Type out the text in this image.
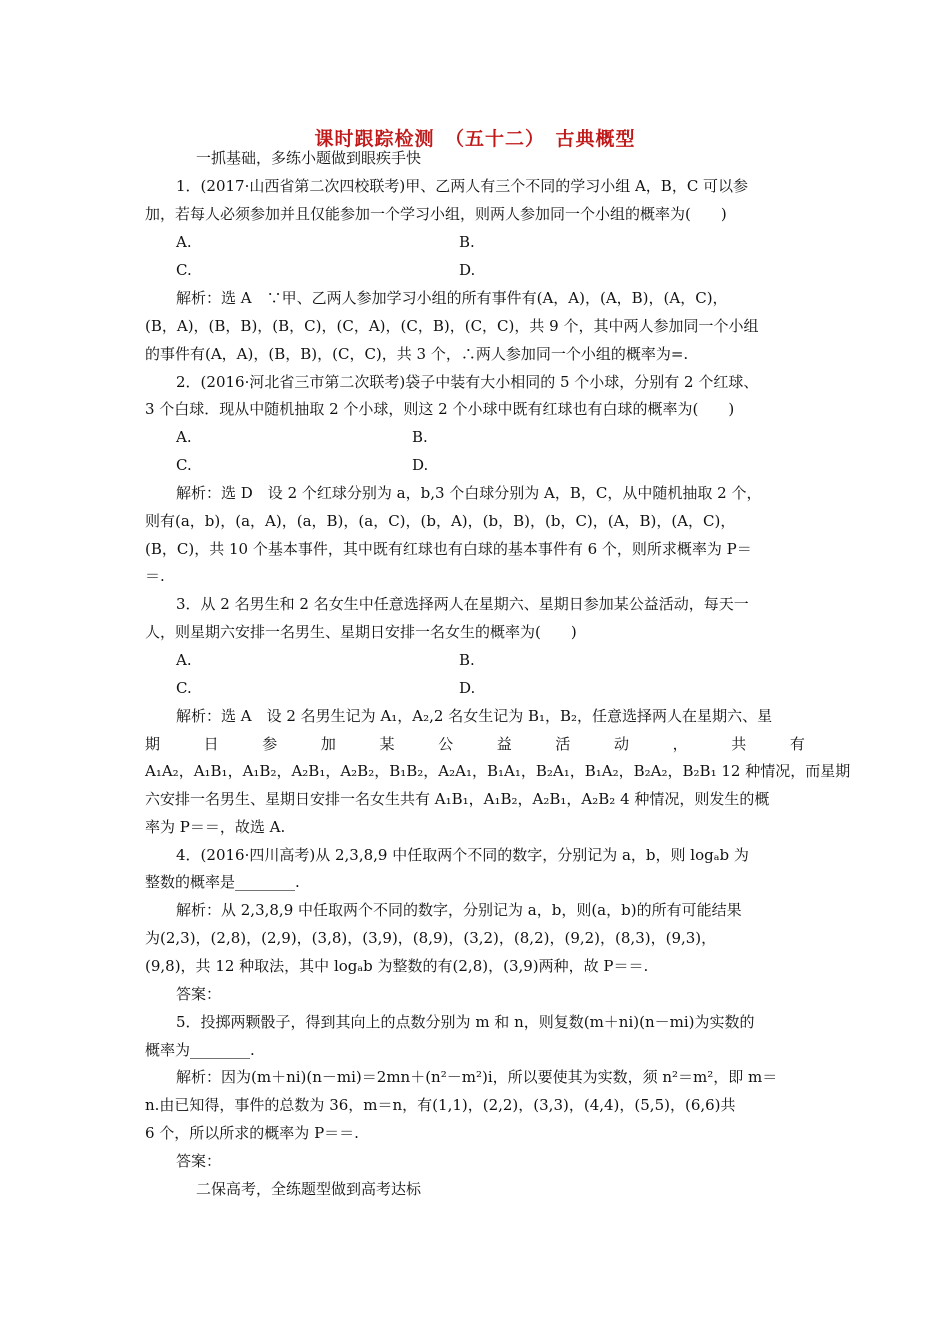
课时跟踪检测　（五十二）　古典概型
一抓基础，多练小题做到眼疾手快
1．(2017·山西省第二次四校联考)甲、乙两人有三个不同的学习小组 A，B，C 可以参
加，若每人必须参加并且仅能参加一个学习小组，则两人参加同一个小组的概率为(　　)
A.	B.
C.	D.
解析：选 A　∵甲、乙两人参加学习小组的所有事件有(A，A)，(A，B)，(A，C)，
(B，A)，(B，B)，(B，C)，(C，A)，(C，B)，(C，C)，共 9 个，其中两人参加同一个小组
的事件有(A，A)，(B，B)，(C，C)，共 3 个，∴两人参加同一个小组的概率为=.
2．(2016·河北省三市第二次联考)袋子中装有大小相同的 5 个小球，分别有 2 个红球、
3 个白球．现从中随机抽取 2 个小球，则这 2 个小球中既有红球也有白球的概率为(　　)
A.	B.
C.	D.
解析：选 D　设 2 个红球分别为 a，b,3 个白球分别为 A，B，C，从中随机抽取 2 个，
则有(a，b)，(a，A)，(a，B)，(a，C)，(b，A)，(b，B)，(b，C)，(A，B)，(A，C)，
(B，C)，共 10 个基本事件，其中既有红球也有白球的基本事件有 6 个，则所求概率为 P＝
＝.
3．从 2 名男生和 2 名女生中任意选择两人在星期六、星期日参加某公益活动，每天一
人，则星期六安排一名男生、星期日安排一名女生的概率为(　　)
A.	B.
C.	D.
解析：选 A　设 2 名男生记为 A₁，A₂,2 名女生记为 B₁，B₂，任意选择两人在星期六、星
期	日	参	加	某	公	益	活	动	，	共	有
A₁A₂，A₁B₁，A₁B₂，A₂B₁，A₂B₂，B₁B₂，A₂A₁，B₁A₁，B₂A₁，B₁A₂，B₂A₂，B₂B₁ 12 种情况，而星期
六安排一名男生、星期日安排一名女生共有 A₁B₁，A₁B₂，A₂B₁，A₂B₂ 4 种情况，则发生的概
率为 P＝＝，故选 A.
4．(2016·四川高考)从 2,3,8,9 中任取两个不同的数字，分别记为 a，b，则 logₐb 为
整数的概率是________.
解析：从 2,3,8,9 中任取两个不同的数字，分别记为 a，b，则(a，b)的所有可能结果
为(2,3)，(2,8)，(2,9)，(3,8)，(3,9)，(8,9)，(3,2)，(8,2)，(9,2)，(8,3)，(9,3)，
(9,8)，共 12 种取法，其中 logₐb 为整数的有(2,8)，(3,9)两种，故 P＝＝.
答案：
5．投掷两颗骰子，得到其向上的点数分别为 m 和 n，则复数(m＋ni)(n－mi)为实数的
概率为________.
解析：因为(m＋ni)(n－mi)＝2mn＋(n²－m²)i，所以要使其为实数，须 n²＝m²，即 m＝
n.由已知得，事件的总数为 36，m＝n，有(1,1)，(2,2)，(3,3)，(4,4)，(5,5)，(6,6)共
6 个，所以所求的概率为 P＝＝.
答案：
二保高考，全练题型做到高考达标
